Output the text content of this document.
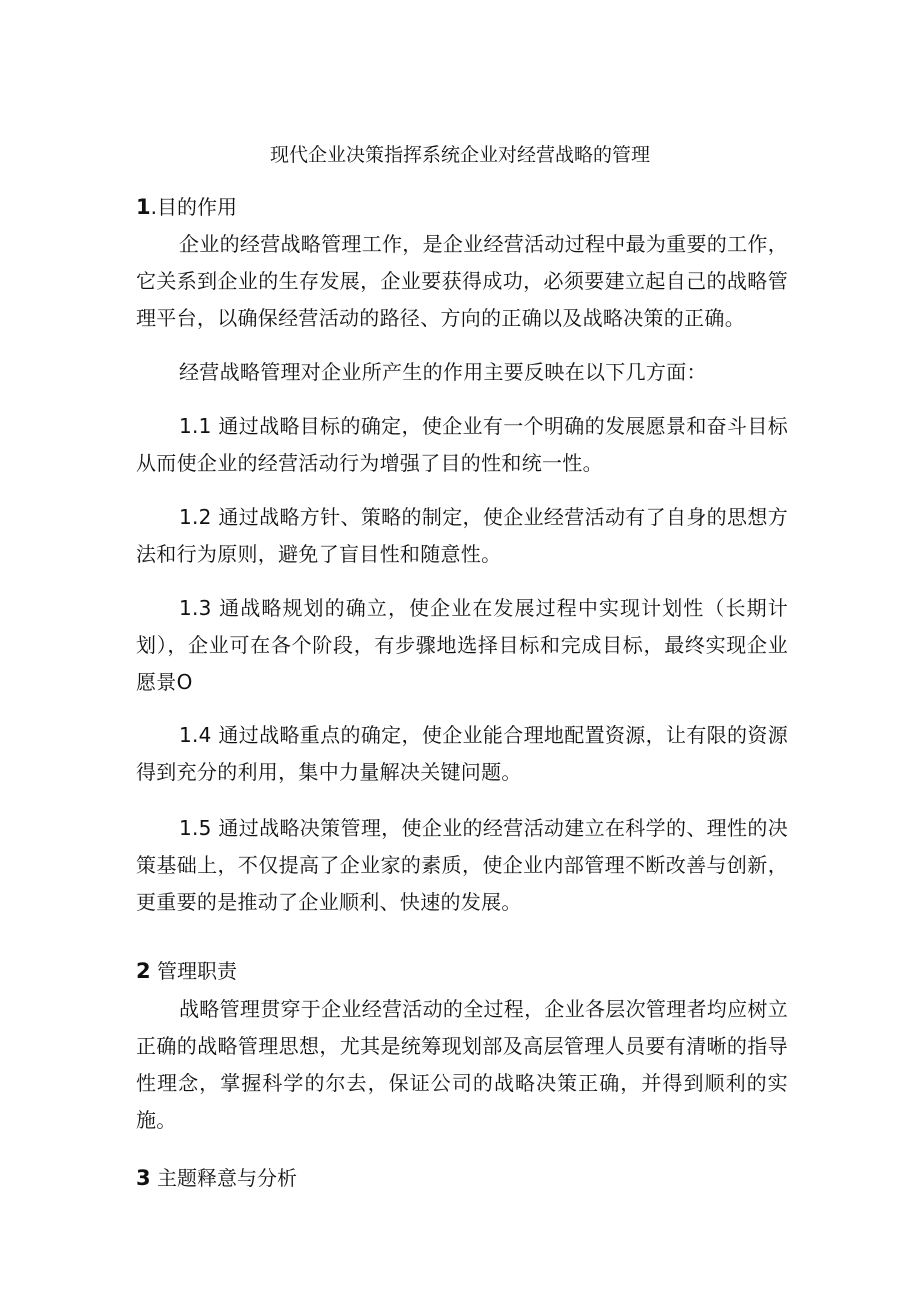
现代企业决策指挥系统企业对经营战略的管理
1.目的作用
企业的经营战略管理工作，是企业经营活动过程中最为重要的工作，它关系到企业的生存发展，企业要获得成功，必须要建立起自己的战略管理平台，以确保经营活动的路径、方向的正确以及战略决策的正确。
经营战略管理对企业所产生的作用主要反映在以下几方面：
1.1 通过战略目标的确定，使企业有一个明确的发展愿景和奋斗目标从而使企业的经营活动行为增强了目的性和统一性。
1.2 通过战略方针、策略的制定，使企业经营活动有了自身的思想方法和行为原则，避免了盲目性和随意性。
1.3 通战略规划的确立，使企业在发展过程中实现计划性（长期计划），企业可在各个阶段，有步骤地选择目标和完成目标，最终实现企业愿景O
1.4 通过战略重点的确定，使企业能合理地配置资源，让有限的资源得到充分的利用，集中力量解决关键问题。
1.5 通过战略决策管理，使企业的经营活动建立在科学的、理性的决策基础上，不仅提高了企业家的素质，使企业内部管理不断改善与创新，更重要的是推动了企业顺利、快速的发展。
2 管理职责
战略管理贯穿于企业经营活动的全过程，企业各层次管理者均应树立正确的战略管理思想，尤其是统筹现划部及高层管理人员要有清晰的指导性理念，掌握科学的尔去，保证公司的战略决策正确，并得到顺利的实施。
3 主题释意与分析
